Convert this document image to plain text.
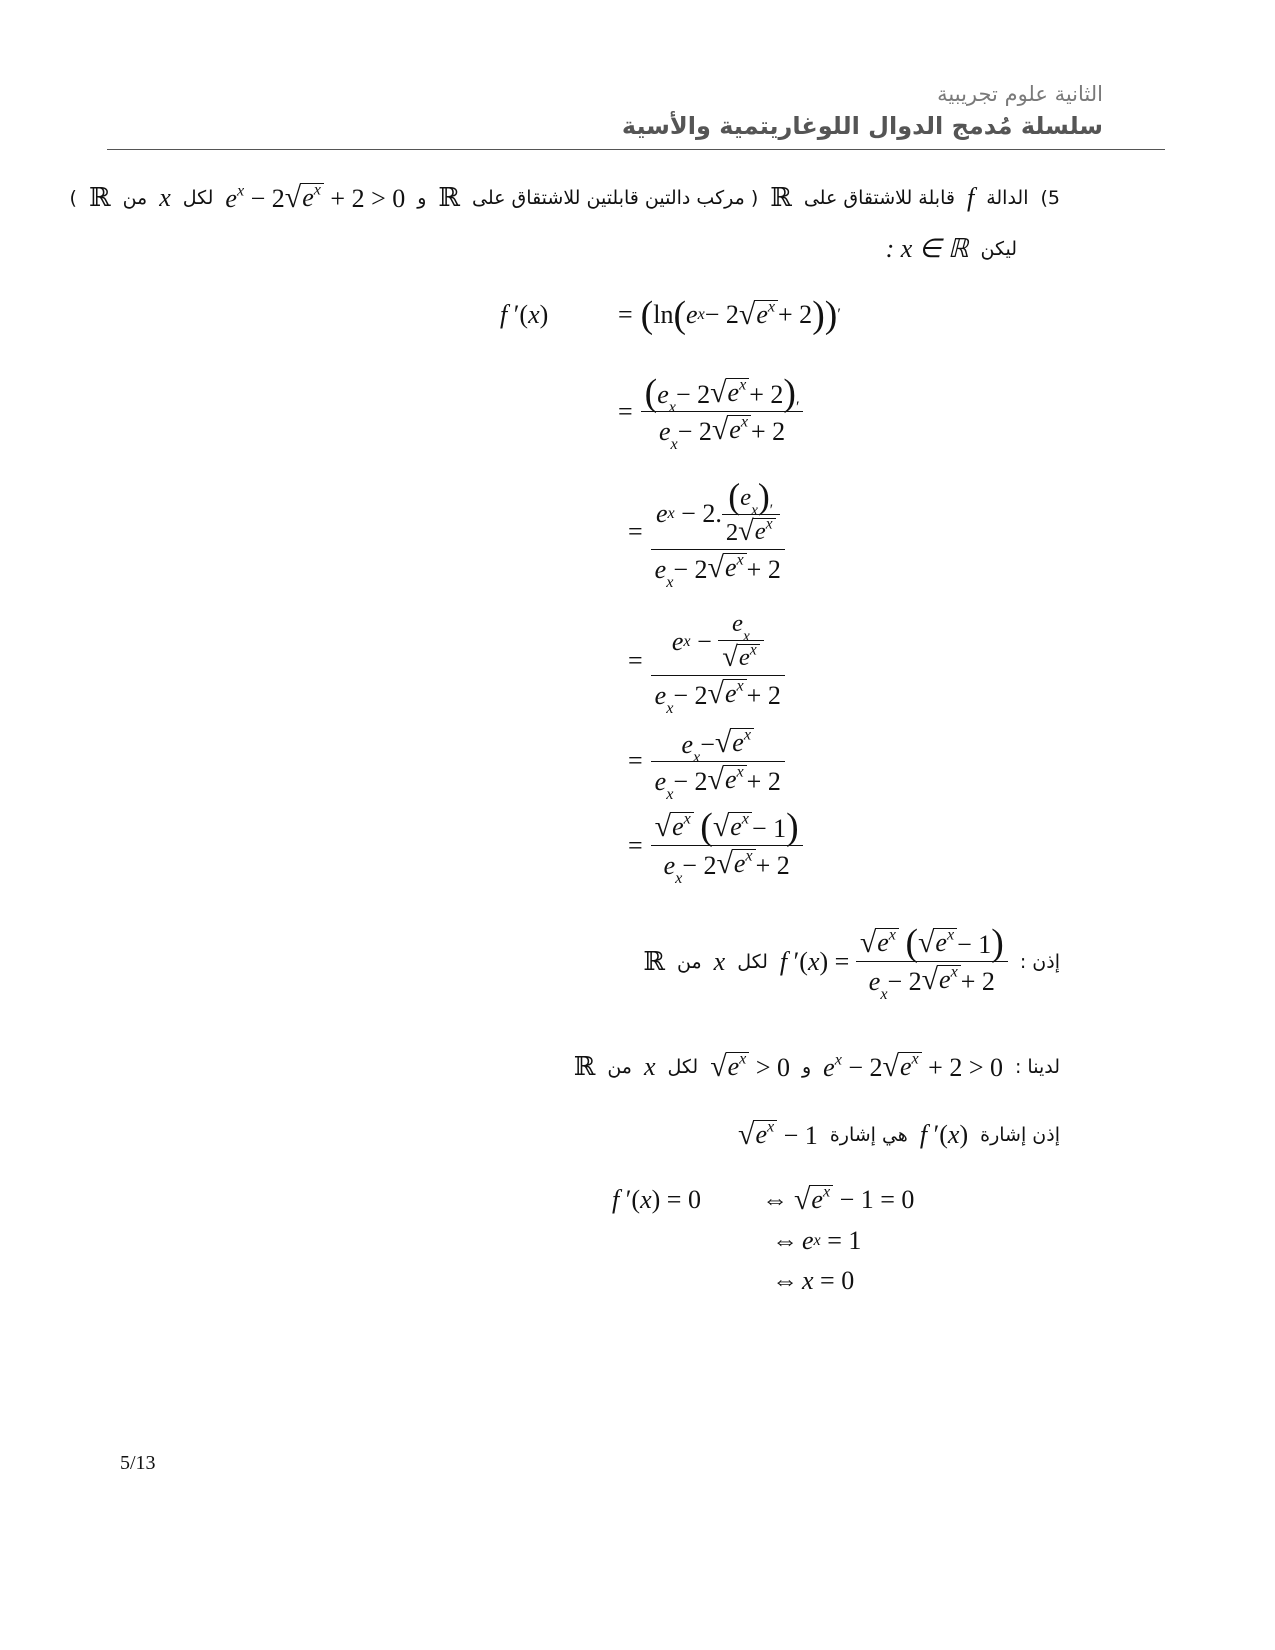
الثانية علوم تجريبية
سلسلة مُدمج الدوال اللوغاريتمية والأسية
5)
الدالة
f
قابلة للاشتقاق على
ℝ
( مركب دالتين قابلتين للاشتقاق على
ℝ
و
$e^x - 2$ √ $e^x + 2 > 0$
لكل
x
من
ℝ
)
ليكن
: x ∈ ℝ
f ′(x)	= ( ln ( e x − 2 √ $e^x + 2$ ) ) ′
= $\frac{( e x - 2 √ e^x + 2 ) '}{e x - 2 √ e^x + 2}$
= $\frac{e x - 2. \frac{\text{( e x ) ′}}{2 √ e^x}}{e x - 2 √ e^x + 2}$
= $\frac{e x - \frac{\text{e x}}{√ e^x}}{e x - 2 √ e^x + 2}$
= $\frac{e x - √ e^x}{e x - 2 √ e^x + 2}$
= √ $e^x$
( √ $e^x - 1$ )
e x − 2 √ $e^x + 2$
إذن :
f ′( x ) = √ $e^x$
( √ $e^x - 1$ )
e x − 2 √ $e^x + 2$
لكل
x
من
ℝ
لدينا :
$e^x - 2$ √ $e^x + 2 > 0$
و
√ $e^x > 0$
لكل
x
من
ℝ
إذن إشارة
f ′(x)
هي إشارة
√ $e^x - 1$
f ′(x) = 0	⇔ √ $e^x - 1 = 0$
⇔ e x = 1
⇔ x = 0
5/13
